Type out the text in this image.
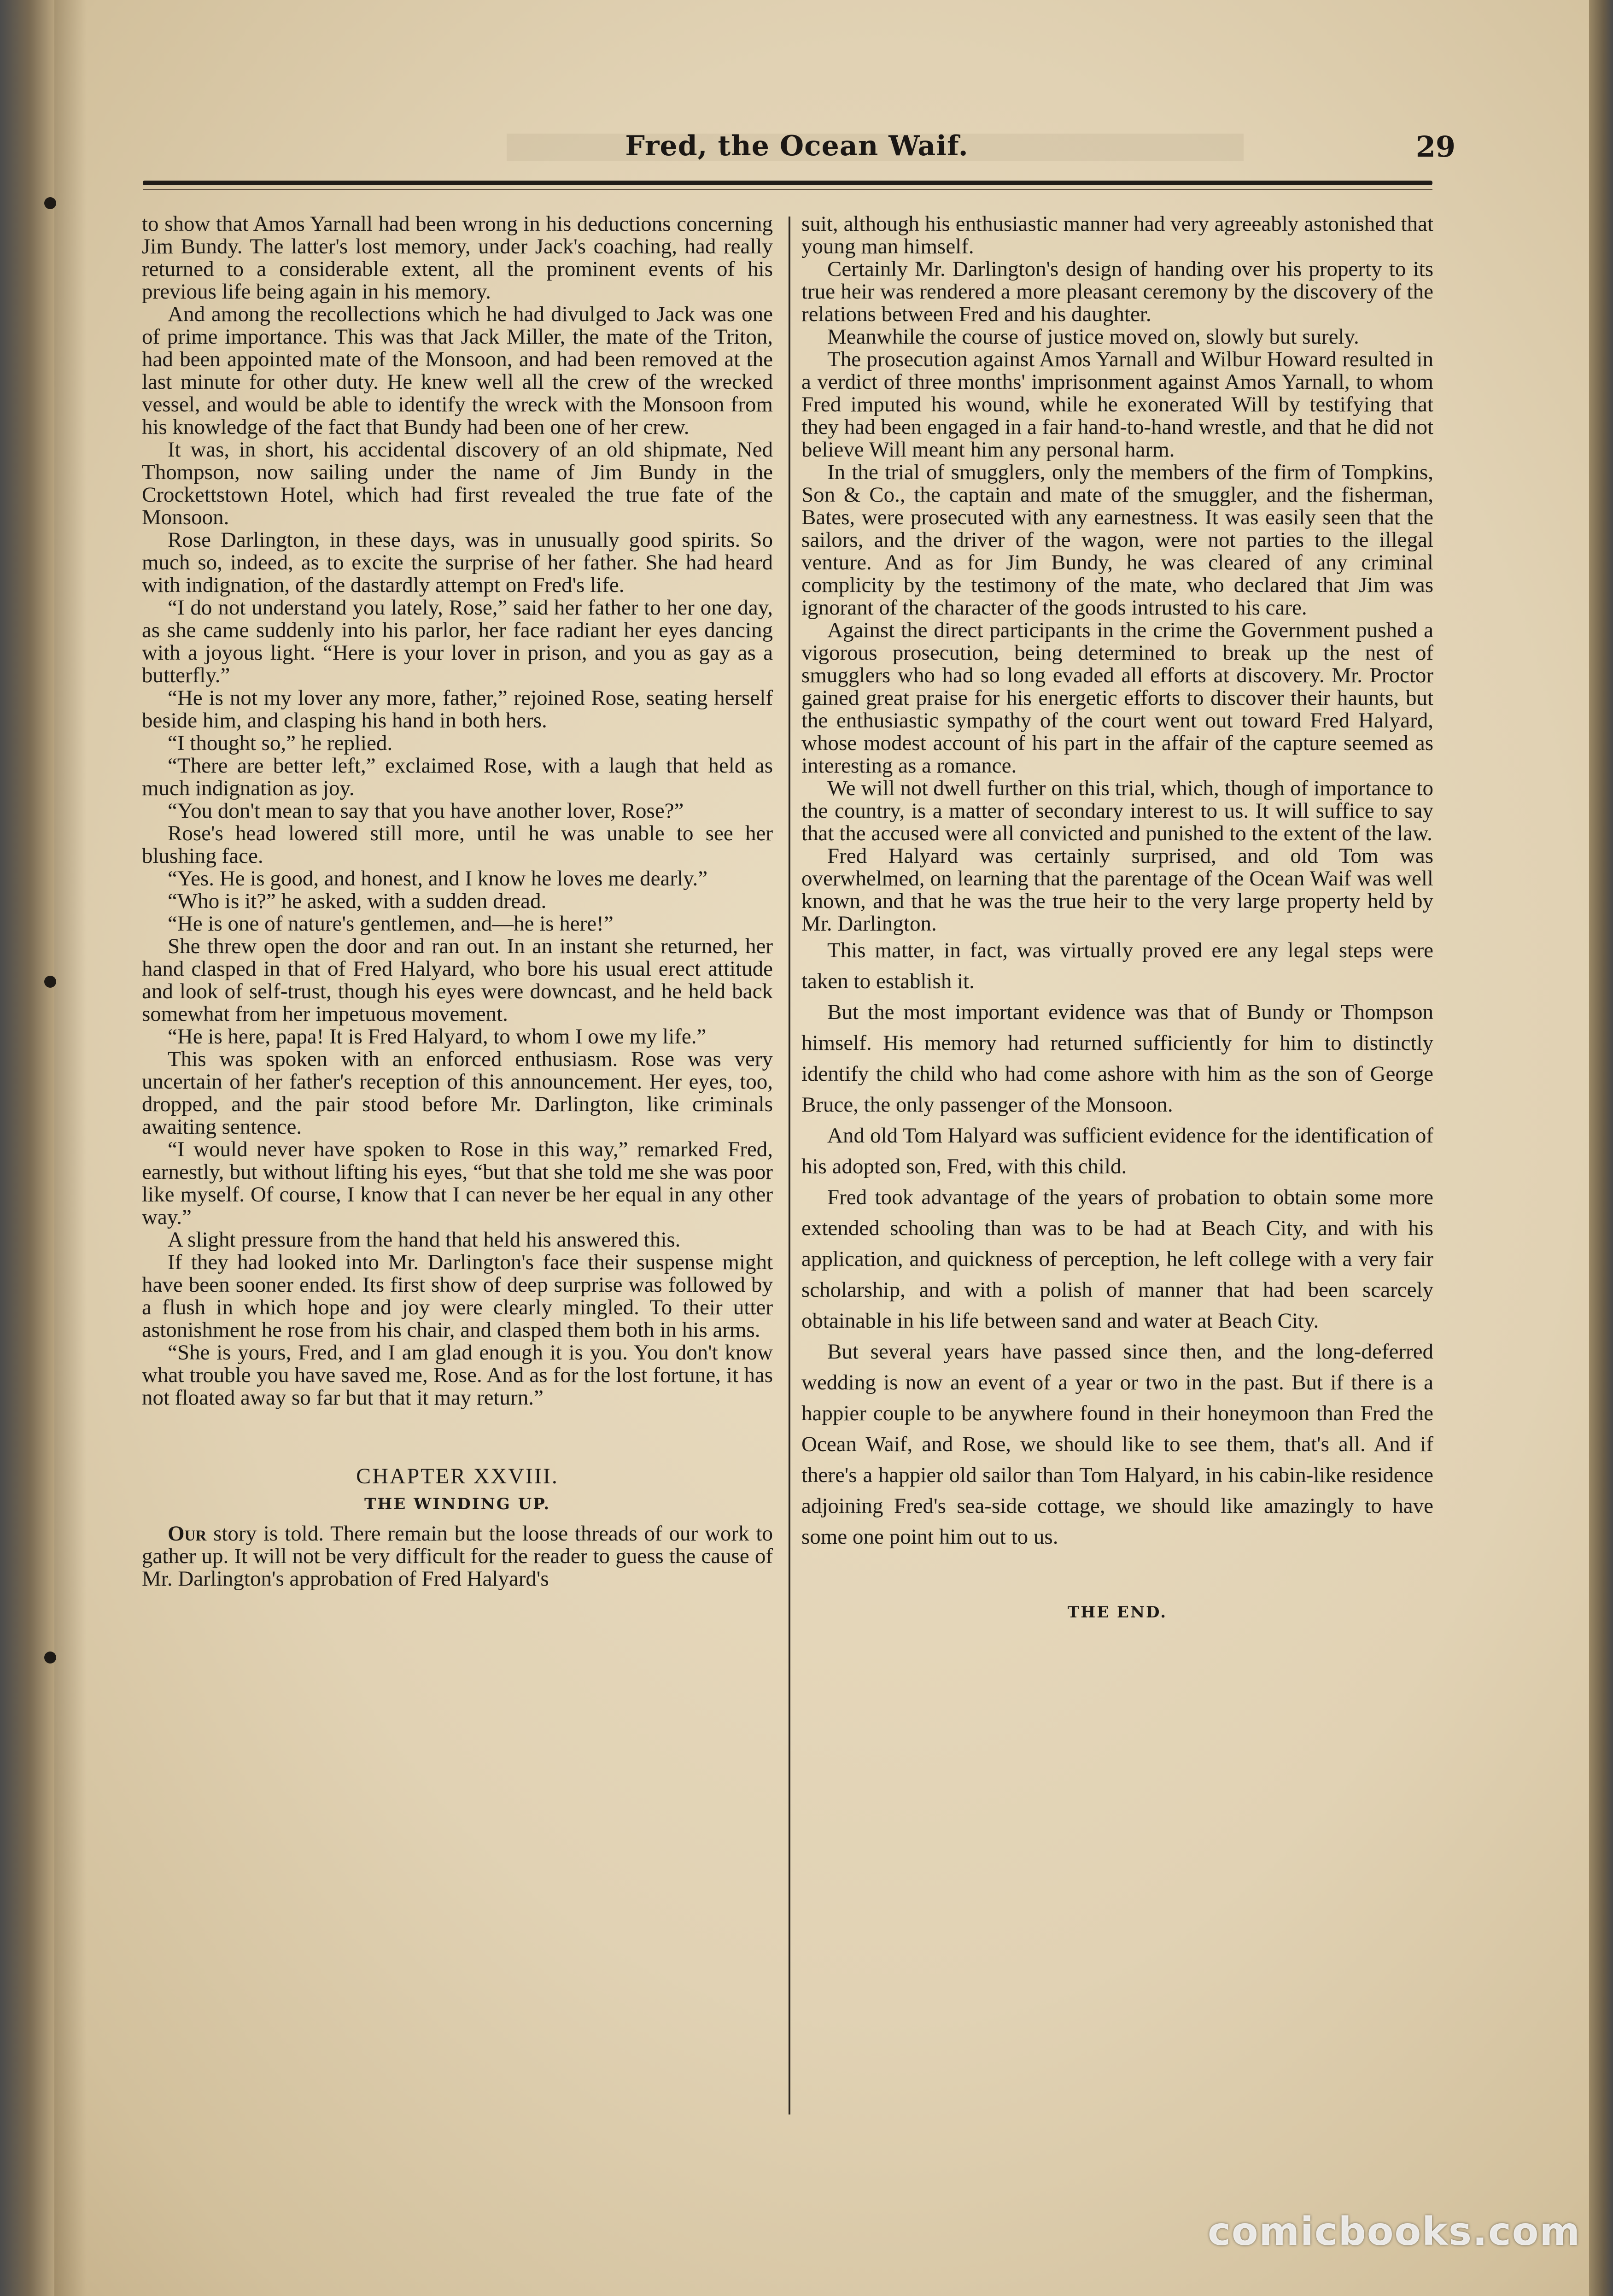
Fred, the Ocean Waif.	29

to show that Amos Yarnall had been wrong in his deductions concerning Jim Bundy. The latter's lost memory, under Jack's coaching, had really returned to a considerable extent, all the prominent events of his previous life being again in his memory.

And among the recollections which he had divulged to Jack was one of prime importance. This was that Jack Miller, the mate of the Triton, had been appointed mate of the Monsoon, and had been removed at the last minute for other duty. He knew well all the crew of the wrecked vessel, and would be able to identify the wreck with the Monsoon from his knowledge of the fact that Bundy had been one of her crew.

It was, in short, his accidental discovery of an old shipmate, Ned Thompson, now sailing under the name of Jim Bundy in the Crockettstown Hotel, which had first revealed the true fate of the Monsoon.

Rose Darlington, in these days, was in unusually good spirits. So much so, indeed, as to excite the surprise of her father. She had heard with indignation, of the dastardly attempt on Fred's life.

“I do not understand you lately, Rose,” said her father to her one day, as she came suddenly into his parlor, her face radiant her eyes dancing with a joyous light. “Here is your lover in prison, and you as gay as a butterfly.”

“He is not my lover any more, father,” rejoined Rose, seating herself beside him, and clasping his hand in both hers.

“I thought so,” he replied.

“There are better left,” exclaimed Rose, with a laugh that held as much indignation as joy.

“You don't mean to say that you have another lover, Rose?”

Rose's head lowered still more, until he was unable to see her blushing face.

“Yes. He is good, and honest, and I know he loves me dearly.”

“Who is it?” he asked, with a sudden dread.

“He is one of nature's gentlemen, and—he is here!”

She threw open the door and ran out. In an instant she returned, her hand clasped in that of Fred Halyard, who bore his usual erect attitude and look of self-trust, though his eyes were downcast, and he held back somewhat from her impetuous movement.

“He is here, papa! It is Fred Halyard, to whom I owe my life.”

This was spoken with an enforced enthusiasm. Rose was very uncertain of her father's reception of this announcement. Her eyes, too, dropped, and the pair stood before Mr. Darlington, like criminals awaiting sentence.

“I would never have spoken to Rose in this way,” remarked Fred, earnestly, but without lifting his eyes, “but that she told me she was poor like myself. Of course, I know that I can never be her equal in any other way.”

A slight pressure from the hand that held his answered this.

If they had looked into Mr. Darlington's face their suspense might have been sooner ended. Its first show of deep surprise was followed by a flush in which hope and joy were clearly mingled. To their utter astonishment he rose from his chair, and clasped them both in his arms.

“She is yours, Fred, and I am glad enough it is you. You don't know what trouble you have saved me, Rose. And as for the lost fortune, it has not floated away so far but that it may return.”

CHAPTER XXVIII.
THE WINDING UP.

Our story is told. There remain but the loose threads of our work to gather up. It will not be very difficult for the reader to guess the cause of Mr. Darlington's approbation of Fred Halyard's

suit, although his enthusiastic manner had very agreeably astonished that young man himself.

Certainly Mr. Darlington's design of handing over his property to its true heir was rendered a more pleasant ceremony by the discovery of the relations between Fred and his daughter.

Meanwhile the course of justice moved on, slowly but surely.

The prosecution against Amos Yarnall and Wilbur Howard resulted in a verdict of three months' imprisonment against Amos Yarnall, to whom Fred imputed his wound, while he exonerated Will by testifying that they had been engaged in a fair hand-to-hand wrestle, and that he did not believe Will meant him any personal harm.

In the trial of smugglers, only the members of the firm of Tompkins, Son & Co., the captain and mate of the smuggler, and the fisherman, Bates, were prosecuted with any earnestness. It was easily seen that the sailors, and the driver of the wagon, were not parties to the illegal venture. And as for Jim Bundy, he was cleared of any criminal complicity by the testimony of the mate, who declared that Jim was ignorant of the character of the goods intrusted to his care.

Against the direct participants in the crime the Government pushed a vigorous prosecution, being determined to break up the nest of smugglers who had so long evaded all efforts at discovery. Mr. Proctor gained great praise for his energetic efforts to discover their haunts, but the enthusiastic sympathy of the court went out toward Fred Halyard, whose modest account of his part in the affair of the capture seemed as interesting as a romance.

We will not dwell further on this trial, which, though of importance to the country, is a matter of secondary interest to us. It will suffice to say that the accused were all convicted and punished to the extent of the law.

Fred Halyard was certainly surprised, and old Tom was overwhelmed, on learning that the parentage of the Ocean Waif was well known, and that he was the true heir to the very large property held by Mr. Darlington.

This matter, in fact, was virtually proved ere any legal steps were taken to establish it.

But the most important evidence was that of Bundy or Thompson himself. His memory had returned sufficiently for him to distinctly identify the child who had come ashore with him as the son of George Bruce, the only passenger of the Monsoon.

And old Tom Halyard was sufficient evidence for the identification of his adopted son, Fred, with this child.

Fred took advantage of the years of probation to obtain some more extended schooling than was to be had at Beach City, and with his application, and quickness of perception, he left college with a very fair scholarship, and with a polish of manner that had been scarcely obtainable in his life between sand and water at Beach City.

But several years have passed since then, and the long-deferred wedding is now an event of a year or two in the past. But if there is a happier couple to be anywhere found in their honeymoon than Fred the Ocean Waif, and Rose, we should like to see them, that's all. And if there's a happier old sailor than Tom Halyard, in his cabin-like residence adjoining Fred's sea-side cottage, we should like amazingly to have some one point him out to us.

THE END.
comicbooks.com
